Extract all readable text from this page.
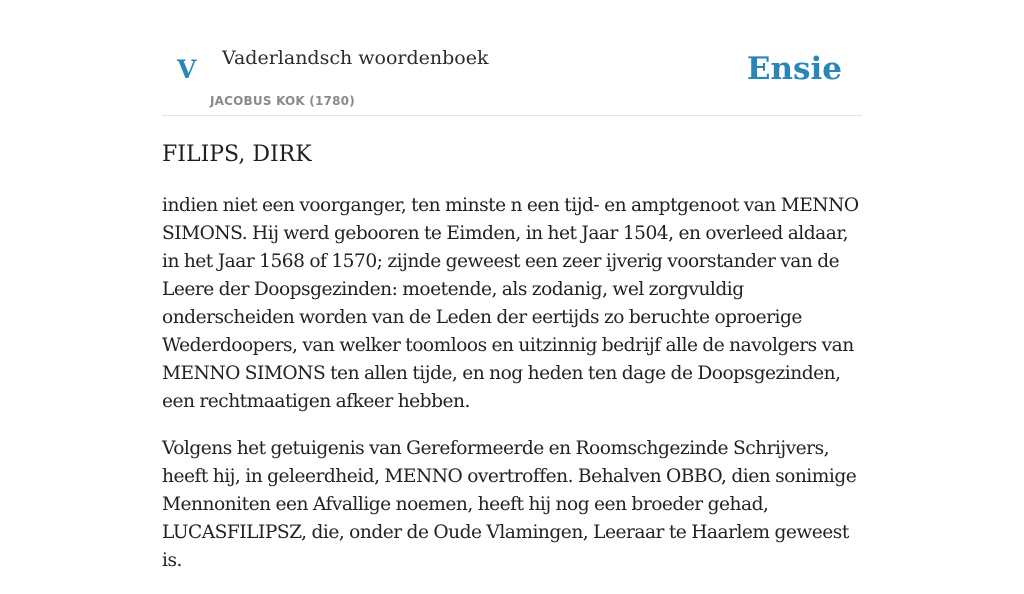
V Vaderlandsch woordenboek
JACOBUS KOK (1780)
Ensie
FILIPS, DIRK

indien niet een voorganger, ten minste n een tijd- en amptgenoot van MENNO SIMONS. Hij werd gebooren te Eimden, in het Jaar 1504, en overleed aldaar, in het Jaar 1568 of 1570; zijnde geweest een zeer ijverig voorstander van de Leere der Doopsgezinden: moetende, als zodanig, wel zorgvuldig onderscheiden worden van de Leden der eertijds zo beruchte oproerige Wederdoopers, van welker toomloos en uitzinnig bedrijf alle de navolgers van MENNO SIMONS ten allen tijde, en nog heden ten dage de Doopsgezinden, een rechtmaatigen afkeer hebben.

Volgens het getuigenis van Gereformeerde en Roomschgezinde Schrijvers, heeft hij, in geleerdheid, MENNO overtroffen. Behalven OBBO, dien sonimige Mennoniten een Afvallige noemen, heeft hij nog een broeder gehad, LUCASFILIPSZ, die, onder de Oude Vlamingen, Leeraar te Haarlem geweest is.
